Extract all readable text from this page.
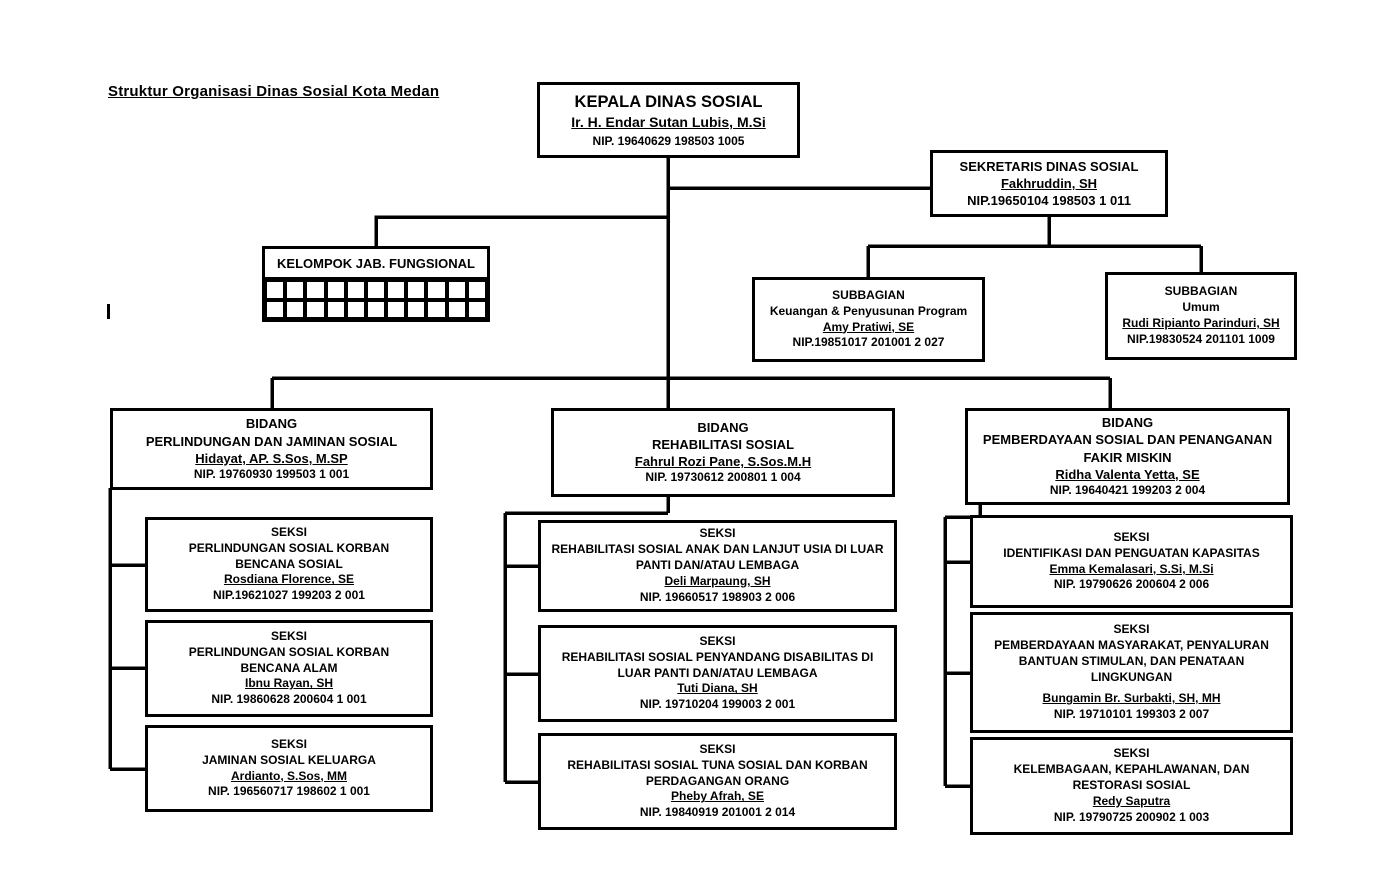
Struktur Organisasi Dinas Sosial Kota Medan
KEPALA DINAS SOSIAL
Ir. H. Endar Sutan Lubis, M.Si
NIP. 19640629 198503 1005
SEKRETARIS DINAS SOSIAL
Fakhruddin, SH
NIP.19650104 198503 1 011
KELOMPOK JAB. FUNGSIONAL
SUBBAGIAN
Keuangan & Penyusunan Program
Amy Pratiwi, SE
NIP.19851017 201001 2 027
SUBBAGIAN
Umum
Rudi Ripianto Parinduri, SH
NIP.19830524 201101 1009
BIDANG
PERLINDUNGAN DAN JAMINAN SOSIAL
Hidayat, AP. S.Sos, M.SP
NIP. 19760930 199503 1 001
BIDANG
REHABILITASI SOSIAL
Fahrul Rozi Pane, S.Sos.M.H
NIP. 19730612 200801 1 004
BIDANG
PEMBERDAYAAN SOSIAL DAN PENANGANAN
FAKIR MISKIN
Ridha Valenta Yetta, SE
NIP. 19640421 199203 2 004
SEKSI
PERLINDUNGAN SOSIAL KORBAN
BENCANA SOSIAL
Rosdiana Florence, SE
NIP.19621027 199203 2 001
SEKSI
PERLINDUNGAN SOSIAL KORBAN
BENCANA ALAM
Ibnu Rayan, SH
NIP. 19860628 200604 1 001
SEKSI
JAMINAN SOSIAL KELUARGA
Ardianto, S.Sos, MM
NIP. 196560717 198602 1 001
SEKSI
REHABILITASI SOSIAL ANAK DAN LANJUT USIA DI LUAR
PANTI DAN/ATAU LEMBAGA
Deli Marpaung, SH
NIP. 19660517 198903 2 006
SEKSI
REHABILITASI SOSIAL PENYANDANG DISABILITAS DI
LUAR PANTI DAN/ATAU LEMBAGA
Tuti Diana, SH
NIP. 19710204 199003 2 001
SEKSI
REHABILITASI SOSIAL TUNA SOSIAL DAN KORBAN
PERDAGANGAN ORANG
Pheby Afrah, SE
NIP. 19840919 201001 2 014
SEKSI
IDENTIFIKASI DAN PENGUATAN KAPASITAS
Emma Kemalasari, S.Si, M.Si
NIP. 19790626 200604 2 006
SEKSI
PEMBERDAYAAN MASYARAKAT, PENYALURAN
BANTUAN STIMULAN, DAN PENATAAN
LINGKUNGAN
Bungamin Br. Surbakti, SH, MH
NIP. 19710101 199303 2 007
SEKSI
KELEMBAGAAN, KEPAHLAWANAN, DAN
RESTORASI SOSIAL
Redy Saputra
NIP. 19790725 200902 1 003
